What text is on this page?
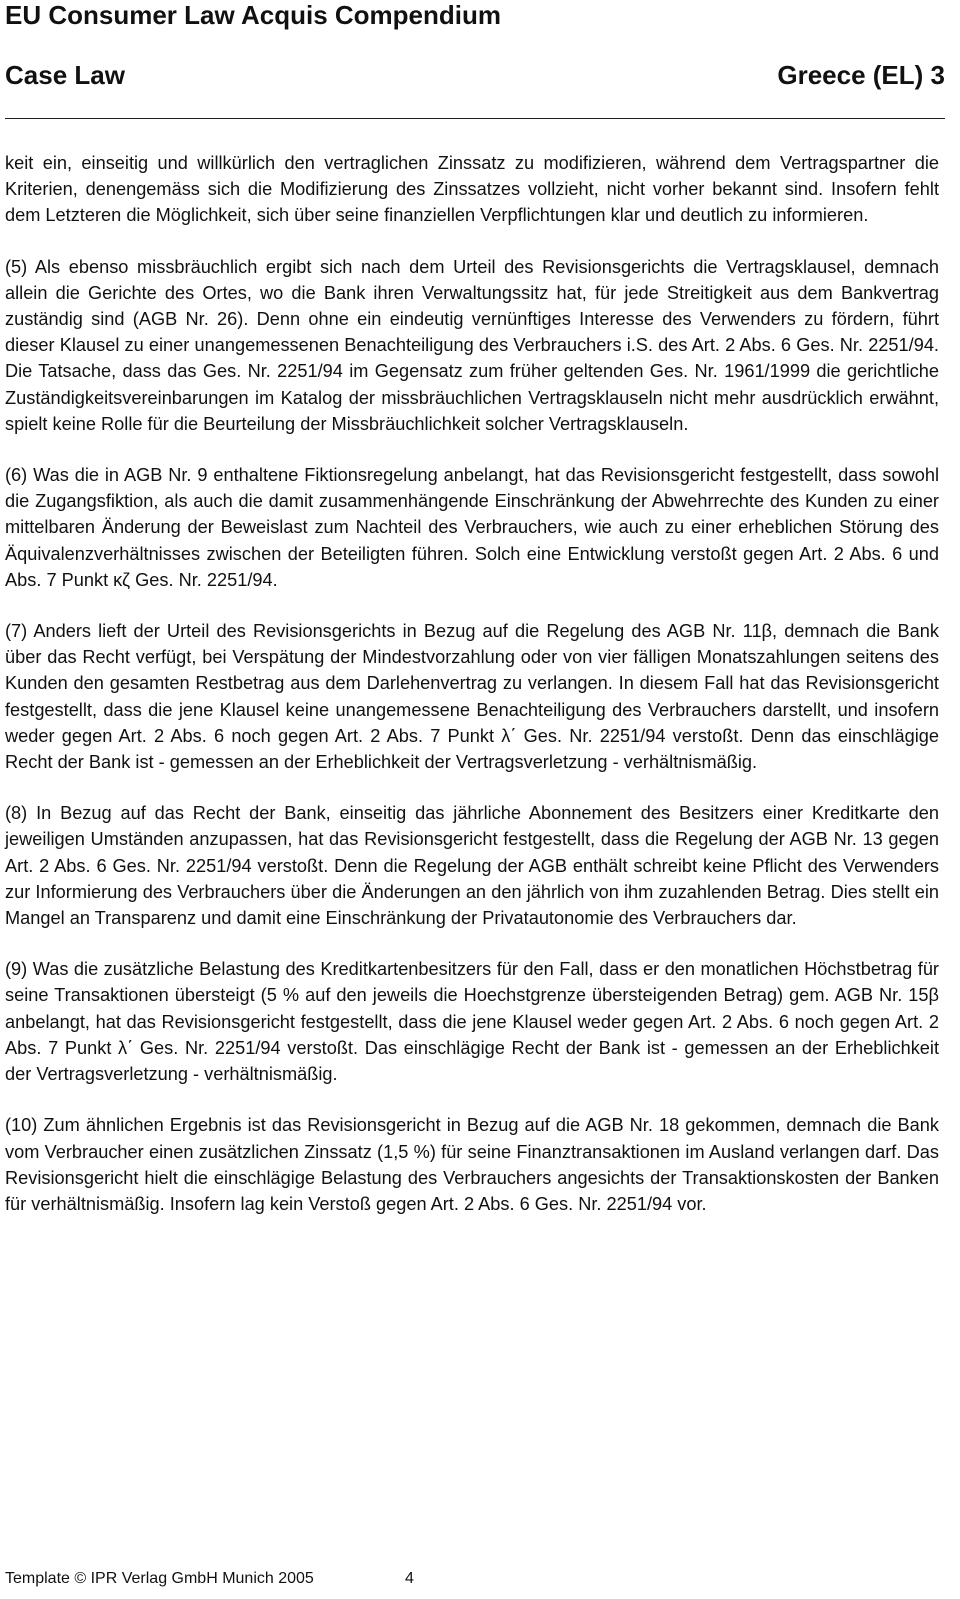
EU Consumer Law Acquis Compendium
Case Law	Greece (EL) 3

keit ein, einseitig und willkürlich den vertraglichen Zinssatz zu modifizieren, während dem Vertragspartner die Kriterien, denengemäss sich die Modifizierung des Zinssatzes vollzieht, nicht vorher bekannt sind. Insofern fehlt dem Letzteren die Möglichkeit, sich über seine finanziellen Verpflichtungen klar und deutlich zu informieren.

(5) Als ebenso missbräuchlich ergibt sich nach dem Urteil des Revisionsgerichts die Vertragsklausel, demnach allein die Gerichte des Ortes, wo die Bank ihren Verwaltungssitz hat, für jede Streitigkeit aus dem Bankvertrag zuständig sind (AGB Nr. 26). Denn ohne ein eindeutig vernünftiges Interesse des Verwenders zu fördern, führt dieser Klausel zu einer unangemessenen Benachteiligung des Verbrauchers i.S. des Art. 2 Abs. 6 Ges. Nr. 2251/94. Die Tatsache, dass das Ges. Nr. 2251/94 im Gegensatz zum früher geltenden Ges. Nr. 1961/1999 die gerichtliche Zuständigkeitsvereinbarungen im Katalog der missbräuchlichen Vertragsklauseln nicht mehr ausdrücklich erwähnt, spielt keine Rolle für die Beurteilung der Missbräuchlichkeit solcher Vertragsklauseln.

(6) Was die in AGB Nr. 9 enthaltene Fiktionsregelung anbelangt, hat das Revisionsgericht festgestellt, dass sowohl die Zugangsfiktion, als auch die damit zusammenhängende Einschränkung der Abwehrrechte des Kunden zu einer mittelbaren Änderung der Beweislast zum Nachteil des Verbrauchers, wie auch zu einer erheblichen Störung des Äquivalenzverhältnisses zwischen der Beteiligten führen. Solch eine Entwicklung verstoßt gegen Art. 2 Abs. 6 und Abs. 7 Punkt κζ Ges. Nr. 2251/94.

(7) Anders lieft der Urteil des Revisionsgerichts in Bezug auf die Regelung des AGB Nr. 11β, demnach die Bank über das Recht verfügt, bei Verspätung der Mindestvorzahlung oder von vier fälligen Monatszahlungen seitens des Kunden den gesamten Restbetrag aus dem Darlehenvertrag zu verlangen. In diesem Fall hat das Revisionsgericht festgestellt, dass die jene Klausel keine unangemessene Benachteiligung des Verbrauchers darstellt, und insofern weder gegen Art. 2 Abs. 6 noch gegen Art. 2 Abs. 7 Punkt λ΄ Ges. Nr. 2251/94 verstoßt. Denn das einschlägige Recht der Bank ist - gemessen an der Erheblichkeit der Vertragsverletzung - verhältnismäßig.

(8) In Bezug auf das Recht der Bank, einseitig das jährliche Abonnement des Besitzers einer Kreditkarte den jeweiligen Umständen anzupassen, hat das Revisionsgericht festgestellt, dass die Regelung der AGB Nr. 13 gegen Art. 2 Abs. 6 Ges. Nr. 2251/94 verstoßt. Denn die Regelung der AGB enthält schreibt keine Pflicht des Verwenders zur Informierung des Verbrauchers über die Änderungen an den jährlich von ihm zuzahlenden Betrag. Dies stellt ein Mangel an Transparenz und damit eine Einschränkung der Privatautonomie des Verbrauchers dar.

(9) Was die zusätzliche Belastung des Kreditkartenbesitzers für den Fall, dass er den monatlichen Höchstbetrag für seine Transaktionen übersteigt (5 % auf den jeweils die Hoechstgrenze übersteigenden Betrag) gem. AGB Nr. 15β anbelangt, hat das Revisionsgericht festgestellt, dass die jene Klausel weder gegen Art. 2 Abs. 6 noch gegen Art. 2 Abs. 7 Punkt λ΄ Ges. Nr. 2251/94 verstoßt. Das einschlägige Recht der Bank ist - gemessen an der Erheblichkeit der Vertragsverletzung - verhältnismäßig.

(10) Zum ähnlichen Ergebnis ist das Revisionsgericht in Bezug auf die AGB Nr. 18 gekommen, demnach die Bank vom Verbraucher einen zusätzlichen Zinssatz (1,5 %) für seine Finanztransaktionen im Ausland verlangen darf. Das Revisionsgericht hielt die einschlägige Belastung des Verbrauchers angesichts der Transaktionskosten der Banken für verhältnismäßig. Insofern lag kein Verstoß gegen Art. 2 Abs. 6 Ges. Nr. 2251/94 vor.

Template © IPR Verlag GmbH Munich 2005	4
